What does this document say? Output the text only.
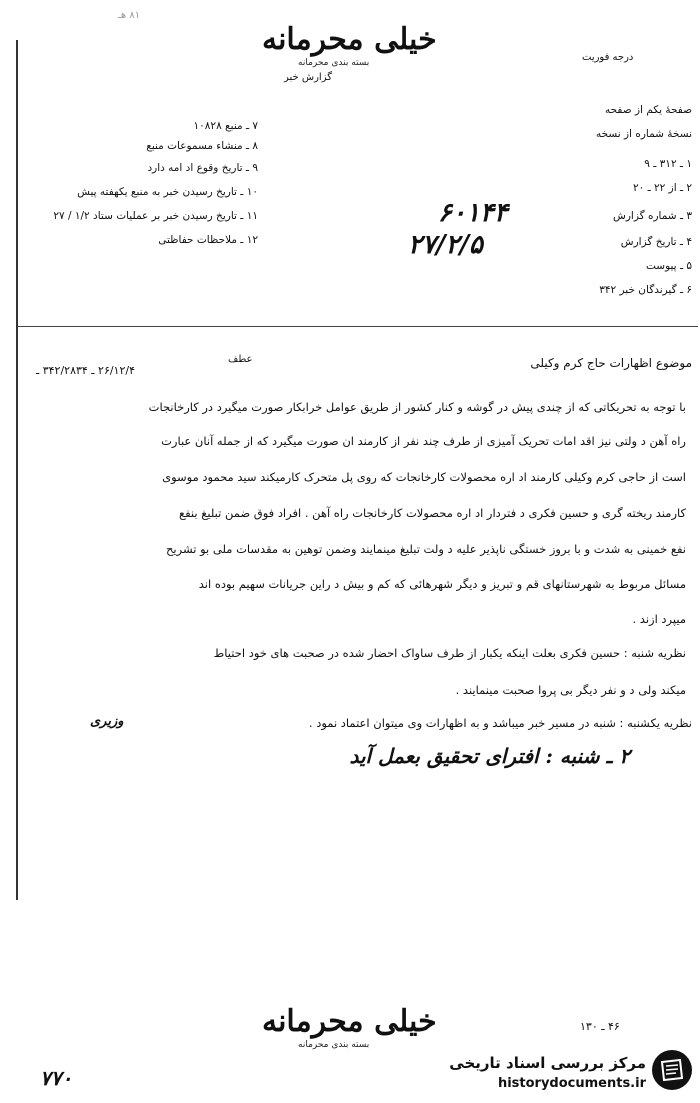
خیلی محرمانه
بسته بندی محرمانه
۸۱ هـ
گزارش خبر
درجه فوریت
صفحهٔ یکم از صفحه
نسخهٔ شماره از نسخه
۱ ـ ۳۱۲ ـ ۹
۲ ـ از ۲۲ ـ ۲۰
۳ ـ شماره گزارش
۴ ـ تاریخ گزارش
۵ ـ پیوست
۶ ـ گیرندگان خبر ۳۴۲
۶۰۱۴۴
۲۷/۲/۵
۷ ـ منبع ۱۰۸۲۸
۸ ـ منشاء مسموعات منبع
۹ ـ تاریخ وقوع اد امه دارد
۱۰ ـ تاریخ رسیدن خبر به منبع یکهفته پیش
۱۱ ـ تاریخ رسیدن خبر بر عملیات ستاد ۱/۲ / ۲۷
۱۲ ـ ملاحظات حفاظتی
موضوع اظهارات حاج کرم وکیلی
۲۶/۱۲/۴ ـ ۳۴۲/۲۸۳۴ ـ
عطف
با توجه به تحریکاتی که از چندی پیش در گوشه و کنار کشور از طریق عوامل خرابکار صورت میگیرد در کارخانجات
راه آهن د ولتی نیز اقد امات تحریک آمیزی از طرف چند نفر از کارمند ان صورت میگیرد که از جمله آنان عبارت
است از حاجی کرم وکیلی کارمند اد اره محصولات کارخانجات که روی پل متحرک کارمیکند سید محمود موسوی
کارمند ریخته گری و حسین فکری د فتردار اد اره محصولات کارخانجات راه آهن . افراد فوق ضمن تبلیغ بنفع
نفع خمینی به شدت و با بروز خستگی ناپذیر علیه د ولت تبلیغ مینمایند وضمن توهین به مقدسات ملی بو تشریح
مسائل مربوط به شهرستانهای قم و تبریز و دیگر شهرهائی که کم و بیش د راین جریانات سهیم بوده اند
میپرد ازند .
نظریه شنبه : حسین فکری بعلت اینکه یکبار از طرف ساواک احضار شده در صحبت های خود احتیاط
میکند ولی د و نفر دیگر بی پروا صحبت مینمایند .
نظریه یکشنبه : شنبه در مسیر خبر میباشد و به اظهارات وی میتوان اعتماد نمود .
وزیری
۲ ـ شنبه : افترای تحقیق بعمل آید
۴۶ ـ ۱۳۰
خیلی محرمانه
بسته بندی محرمانه
۷۷۰
مرکز بررسی اسناد تاریخی
historydocuments.ir
